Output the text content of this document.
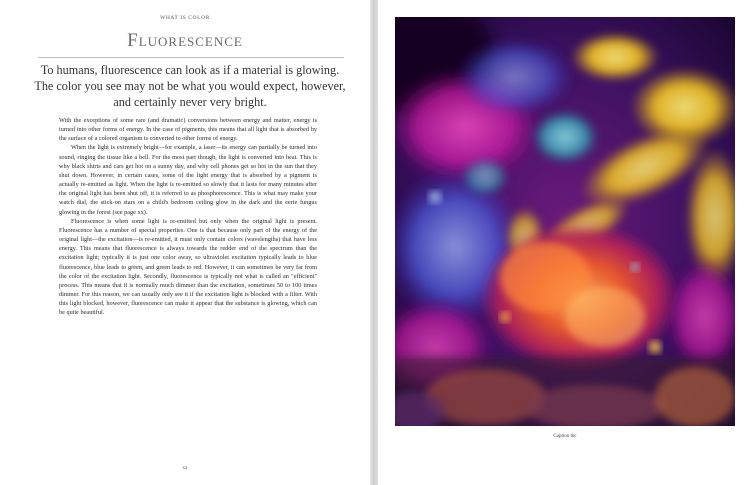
WHAT IS COLOR
Fluorescence

To humans, fluorescence can look as if a material is glowing. The color you see may not be what you would expect, however, and certainly never very bright.

With the exceptions of some rare (and dramatic) conversions between energy and matter, energy is turned into other forms of energy. In the case of pigments, this means that all light that is absorbed by the surface of a colored organism is converted to other forms of energy.

When the light is extremely bright—for example, a laser—its energy can partially be turned into sound, ringing the tissue like a bell. For the most part though, the light is converted into heat. This is why black shirts and cars get hot on a sunny day, and why cell phones get so hot in the sun that they shut down. However, in certain cases, some of the light energy that is absorbed by a pigment is actually re-emitted as light. When the light is re-emitted so slowly that it lasts for many minutes after the original light has been shut off, it is referred to as phosphorescence. This is what may make your watch dial, the stick-on stars on a child's bedroom ceiling glow in the dark and the eerie fungus glowing in the forest (see page xx).

Fluorescence is when some light is re-emitted but only when the original light is present. Fluorescence has a number of special properties. One is that because only part of the energy of the original light—the excitation—is re-emitted, it must only contain colors (wavelengths) that have less energy. This means that fluorescence is always towards the redder end of the spectrum than the excitation light; typically it is just one color away, so ultraviolet excitation typically leads to blue fluorescence, blue leads to green, and green leads to red. However, it can sometimes be very far from the color of the excitation light. Secondly, fluorescence is typically not what is called an "efficient" process. This means that it is normally much dimmer than the excitation, sometimes 50 to 100 times dimmer. For this reason, we can usually only see it if the excitation light is blocked with a filter. With this light blocked, however, fluorescence can make it appear that the substance is glowing, which can be quite beautiful.

xx
Caption tbc
